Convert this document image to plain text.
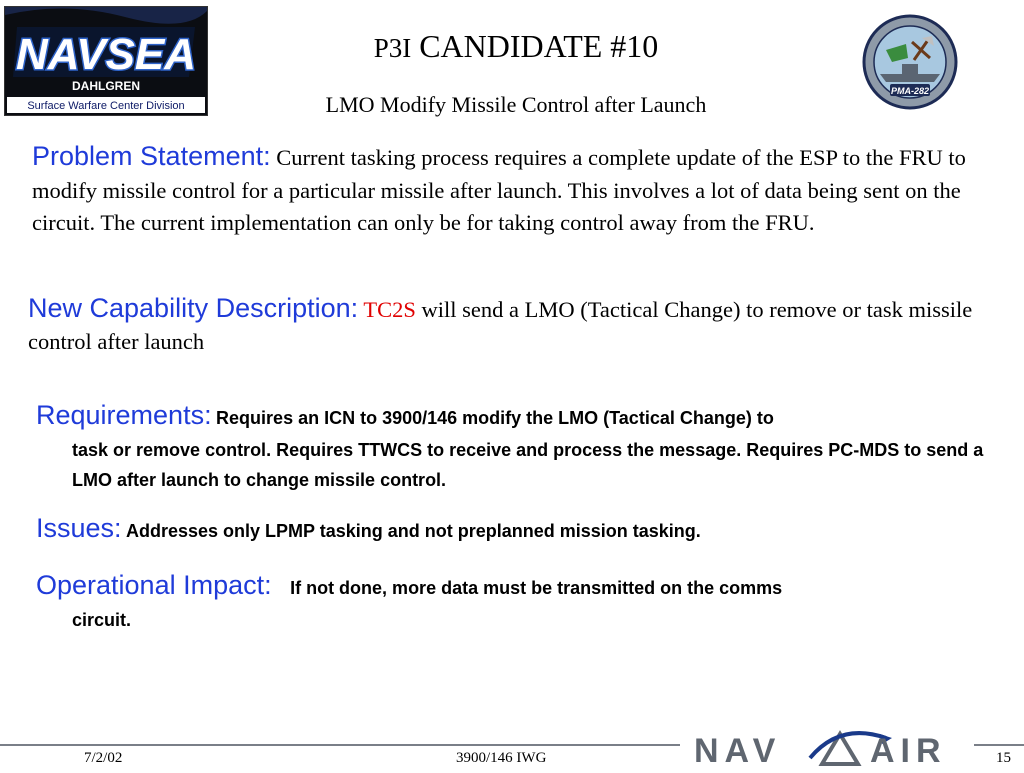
NAVSEA
DAHLGREN
Surface Warfare Center Division
P3I CANDIDATE #10
LMO Modify Missile Control after Launch
PMA-282
Problem Statement: Current tasking process requires a complete update of the ESP to the FRU to modify missile control for a particular missile after launch. This involves a lot of data being sent on the circuit. The current implementation can only be for taking control away from the FRU.
New Capability Description: TC2S will send a LMO (Tactical Change) to remove or task missile control after launch
Requirements: Requires an ICN to 3900/146 modify the LMO (Tactical Change) to
task or remove control. Requires TTWCS to receive and process the message. Requires PC-MDS to send a LMO after launch to change missile control.
Issues: Addresses only LPMP tasking and not preplanned mission tasking.
Operational Impact: If not done, more data must be transmitted on the comms
circuit.
7/2/02	3900/146 IWG	15
NAV	AIR
